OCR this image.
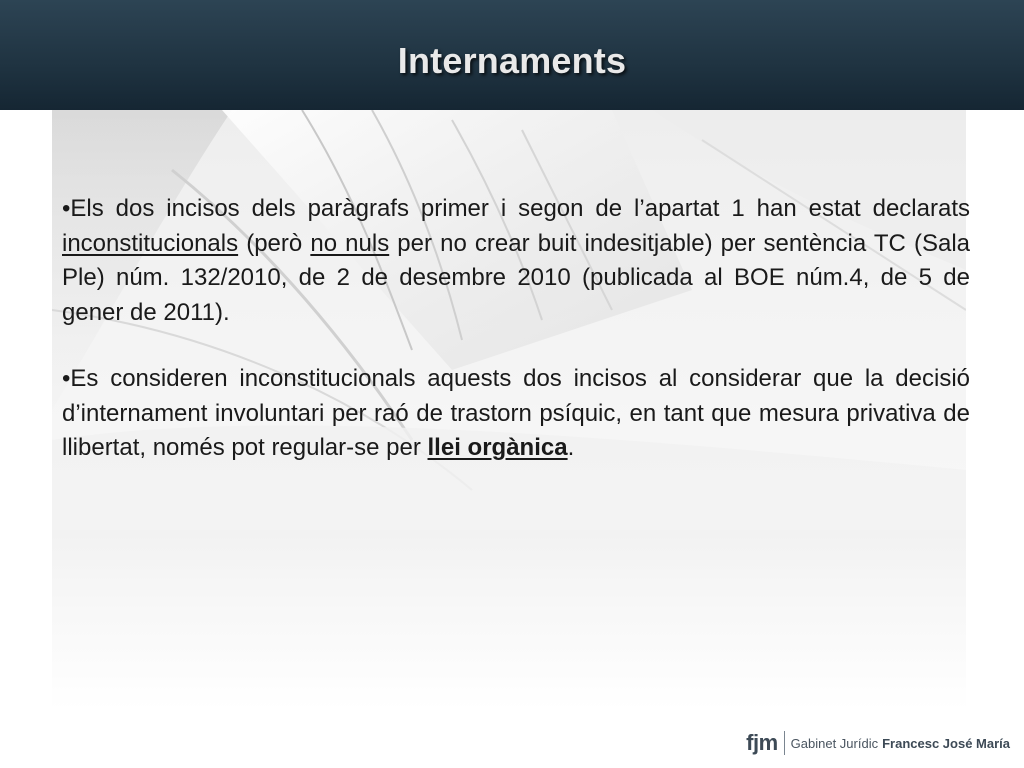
Internaments

•Els dos incisos dels paràgrafs primer i segon de l’apartat 1 han estat declarats inconstitucionals (però no nuls per no crear buit indesitjable) per sentència TC (Sala Ple) núm. 132/2010, de 2 de desembre 2010 (publicada al BOE núm.4, de 5 de gener de 2011).

•Es consideren inconstitucionals aquests dos incisos al considerar que la decisió d’internament involuntari per raó de trastorn psíquic, en tant que mesura privativa de llibertat, només pot regular-se per llei orgànica.

fjm Gabinet Jurídic Francesc José María
